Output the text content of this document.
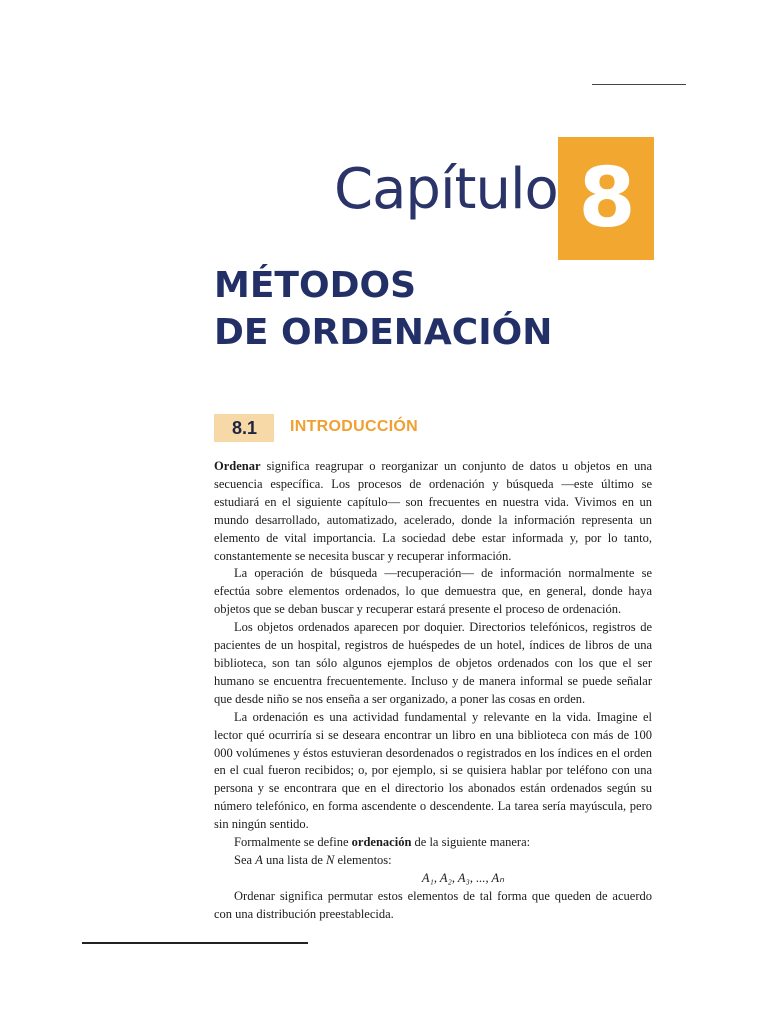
Capítulo 8
MÉTODOS
DE ORDENACIÓN
8.1	INTRODUCCIÓN

Ordenar significa reagrupar o reorganizar un conjunto de datos u objetos en una secuencia específica. Los procesos de ordenación y búsqueda —este último se estudiará en el siguiente capítulo— son frecuentes en nuestra vida. Vivimos en un mundo desarrollado, automatizado, acelerado, donde la información representa un elemento de vital importancia. La sociedad debe estar informada y, por lo tanto, constantemente se necesita buscar y recuperar información.

La operación de búsqueda —recuperación— de información normalmente se efectúa sobre elementos ordenados, lo que demuestra que, en general, donde haya objetos que se deban buscar y recuperar estará presente el proceso de ordenación.

Los objetos ordenados aparecen por doquier. Directorios telefónicos, registros de pacientes de un hospital, registros de huéspedes de un hotel, índices de libros de una biblioteca, son tan sólo algunos ejemplos de objetos ordenados con los que el ser humano se encuentra frecuentemente. Incluso y de manera informal se puede señalar que desde niño se nos enseña a ser organizado, a poner las cosas en orden.

La ordenación es una actividad fundamental y relevante en la vida. Imagine el lector qué ocurriría si se deseara encontrar un libro en una biblioteca con más de 100 000 volúmenes y éstos estuvieran desordenados o registrados en los índices en el orden en el cual fueron recibidos; o, por ejemplo, si se quisiera hablar por teléfono con una persona y se encontrara que en el directorio los abonados están ordenados según su número telefónico, en forma ascendente o descendente. La tarea sería mayúscula, pero sin ningún sentido.

Formalmente se define ordenación de la siguiente manera:

Sea A una lista de N elementos:

A₁, A₂, A₃, ..., Aₙ

Ordenar significa permutar estos elementos de tal forma que queden de acuerdo con una distribución preestablecida.
